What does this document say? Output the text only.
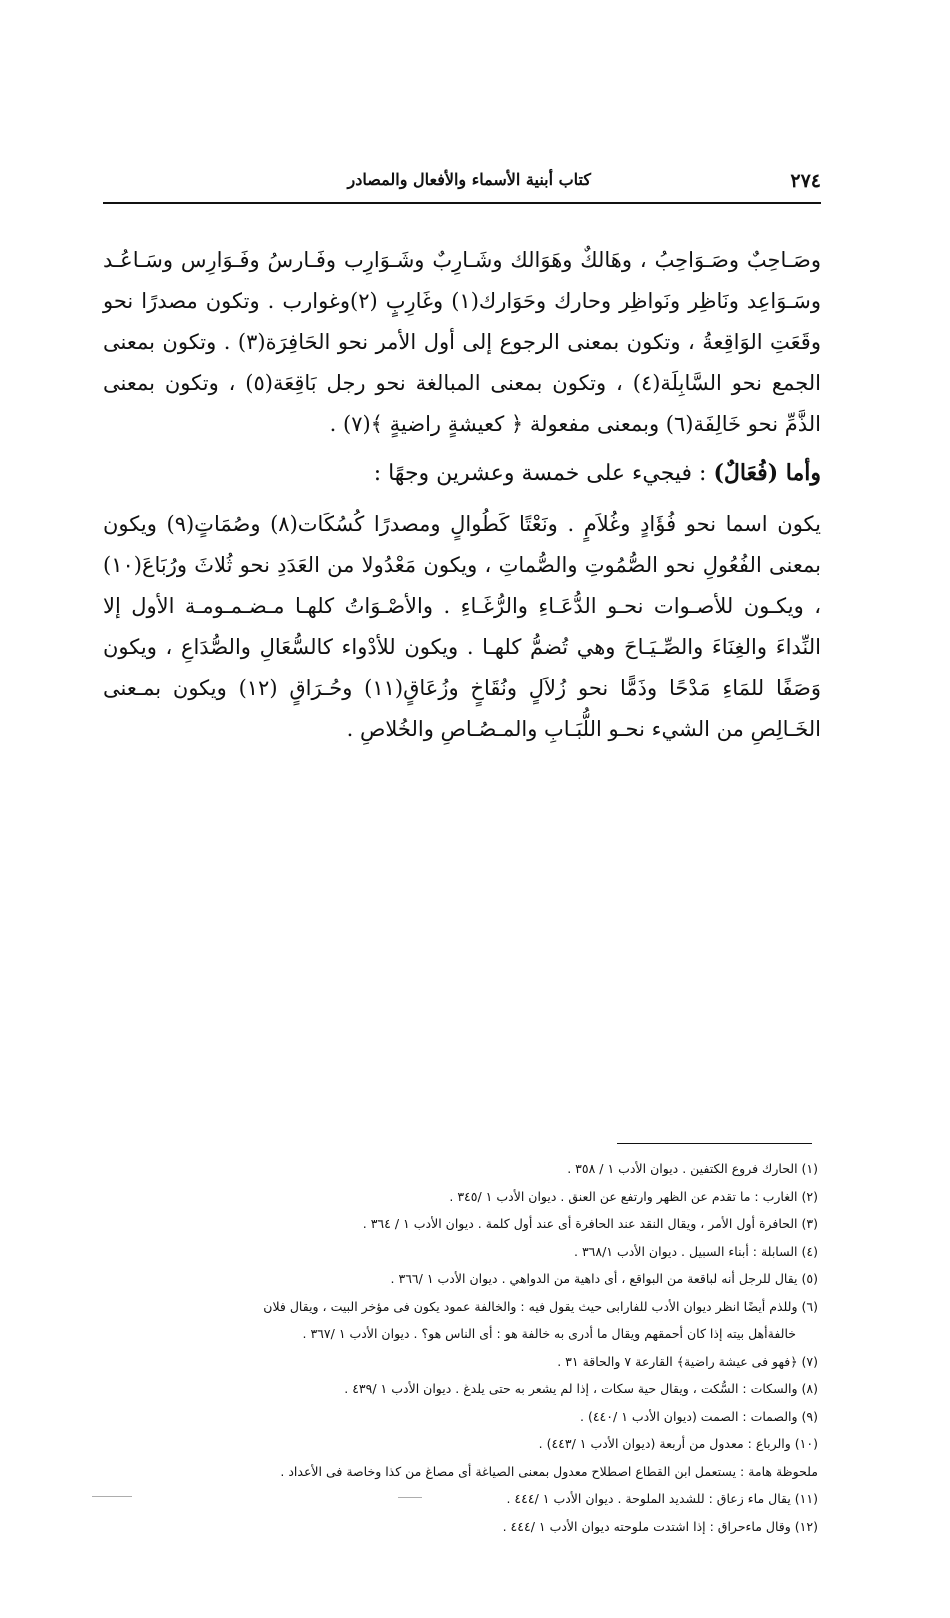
٢٧٤
كتاب أبنية الأسماء والأفعال والمصادر

وصَـاحِبٌ وصَـوَاحِبُ ، وهَالكٌ وهَوَالك وشَـارِبٌ وشَـوَارِب وفَـارسُ وفَـوَارِس وسَـاعُـد وسَـوَاعِد ونَاظِر ونَواظِر وحارك وحَوَارك(١) وغَارِبٍ (٢)وغوارب . وتكون مصدرًا نحو وقَعَتِ الوَاقِعةُ ، وتكون بمعنى الرجوع إلى أول الأمر نحو الحَافِرَة(٣) . وتكون بمعنى الجمع نحو السَّابِلَة(٤) ، وتكون بمعنى المبالغة نحو رجل بَاقِعَة(٥) ، وتكون بمعنى الذَّمِّ نحو خَالِفَة(٦) وبمعنى مفعولة ﴿ كعيشةٍ راضيةٍ ﴾(٧) .

وأما (فُعَالٌ) : فيجيء على خمسة وعشرين وجهًا :

يكون اسما نحو فُؤَادٍ وغُلاَمٍ . ونَعْتًا كَطُوالٍ ومصدرًا كُسُكَات(٨) وصُمَاتٍ(٩) ويكون بمعنى الفُعُولِ نحو الصُّمُوتِ والصُّماتِ ، ويكون مَعْدُولا من العَدَدِ نحو ثُلاثَ ورُبَاعَ(١٠) ، ويكـون للأصـوات نحـو الدُّعَـاءِ والرُّغَـاءِ . والأصْـوَاتُ كلهـا مـضـمـومـة الأول إلا النِّداءَ والغِنَاءَ والصِّـيَـاحَ وهي تُضمُّ كلهـا . ويكون للأدْواء كالسُّعَالِ والصُّدَاعِ ، ويكون وَصَفًا للمَاءِ مَدْحًا وذَمًّا نحو زُلاَلٍ ونُقَاخٍ وزُعَاقٍ(١١) وحُـرَاقٍ (١٢) ويكون بمـعنى الخَـالِصِ من الشيء نحـو اللُّبَـابِ والمـصُـاصِ والخُلاصِ .

(١) الحارك فروع الكتفين . ديوان الأدب ١ / ٣٥٨ .

(٢) الغارب : ما تقدم عن الظهر وارتفع عن العنق . ديوان الأدب ١ /٣٤٥ .

(٣) الحافرة أول الأمر ، ويقال النقد عند الحافرة أى عند أول كلمة . ديوان الأدب ١ / ٣٦٤ .

(٤) السابلة : أبناء السبيل . ديوان الأدب ٣٦٨/١ .

(٥) يقال للرجل أنه لباقعة من البواقع ، أى داهية من الدواهي . ديوان الأدب ١ /٣٦٦ .

(٦) وللذم أيضًا انظر ديوان الأدب للفارابى حيث يقول فيه : والخالفة عمود يكون فى مؤخر البيت ، ويقال فلان

خالفةأهل بيته إذا كان أحمقهم ويقال ما أدرى به خالفة هو : أى الناس هو؟ . ديوان الأدب ١ /٣٦٧ .

(٧) ﴿فهو فى عيشة راضية﴾ القارعة ٧ والحاقة ٣١ .

(٨) والسكات : السُّكت ، ويقال حية سكات ، إذا لم يشعر به حتى يلدغ . ديوان الأدب ١ /٤٣٩ .

(٩) والصمات : الصمت (ديوان الأدب ١ /٤٤٠) .

(١٠) والرباع : معدول من أربعة (ديوان الأدب ١ /٤٤٣) .

ملحوظة هامة : يستعمل ابن القطاع اصطلاح معدول بمعنى الصياغة أى مصاغ من كذا وخاصة فى الأعداد .

(١١) يقال ماء زعاق : للشديد الملوحة . ديوان الأدب ١ /٤٤٤ .

(١٢) وقال ماءحراق : إذا اشتدت ملوحته ديوان الأدب ١ /٤٤٤ .
